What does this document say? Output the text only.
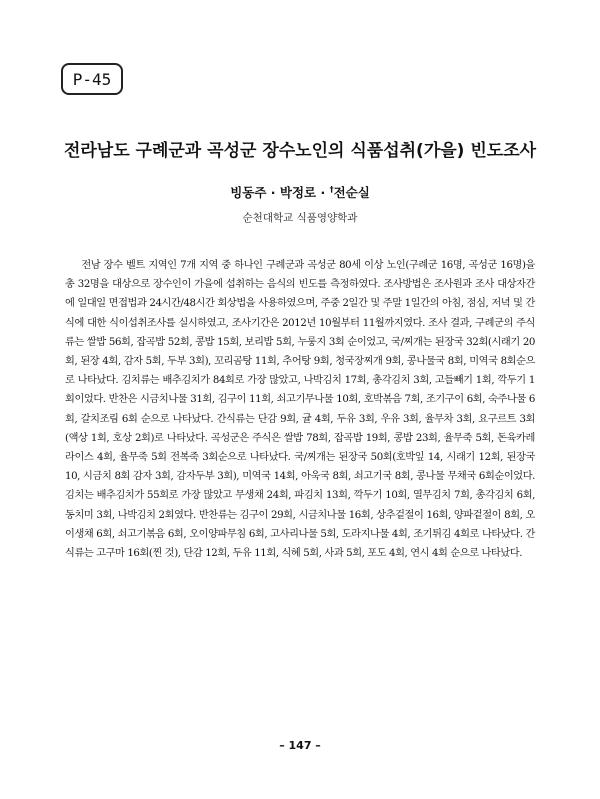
P-45
전라남도 구례군과 곡성군 장수노인의 식품섭취(가을) 빈도조사
빙동주 · 박정로 · †전순실
순천대학교 식품영양학과

전남 장수 벨트 지역인 7개 지역 중 하나인 구례군과 곡성군 80세 이상 노인(구례군 16명, 곡성군 16명)을 총 32명을 대상으로 장수인이 가을에 섭취하는 음식의 빈도를 측정하였다. 조사방법은 조사원과 조사 대상자간에 일대일 면접법과 24시간/48시간 회상법을 사용하였으며, 주중 2일간 및 주말 1일간의 아침, 점심, 저녁 및 간식에 대한 식이섭취조사를 실시하였고, 조사기간은 2012년 10월부터 11월까지였다. 조사 결과, 구례군의 주식류는 쌀밥 56회, 잡곡밥 52회, 콩밥 15회, 보리밥 5회, 누룽지 3회 순이었고, 국/찌개는 된장국 32회(시래기 20회, 된장 4회, 감자 5회, 두부 3회), 꼬리곰탕 11회, 추어탕 9회, 청국장찌개 9회, 콩나물국 8회, 미역국 8회순으로 나타났다. 김치류는 배추김치가 84회로 가장 많았고, 나박김치 17회, 총각김치 3회, 고들빼기 1회, 깍두기 1회이었다. 반찬은 시금치나물 31회, 김구이 11회, 쇠고기무나물 10회, 호박볶음 7회, 조기구이 6회, 숙주나물 6회, 갈치조림 6회 순으로 나타났다. 간식류는 단감 9회, 귤 4회, 두유 3회, 우유 3회, 율무차 3회, 요구르트 3회(액상 1회, 호상 2회)로 나타났다. 곡성군은 주식은 쌀밥 78회, 잡곡밥 19회, 콩밥 23회, 율무죽 5회, 돈육카레라이스 4회, 율무죽 5회 전복죽 3회순으로 나타났다. 국/찌개는 된장국 50회(호박잎 14, 시래기 12회, 된장국 10, 시금치 8회 감자 3회, 감자두부 3회), 미역국 14회, 아욱국 8회, 쇠고기국 8회, 콩나물 무채국 6회순이었다. 김치는 배추김치가 55회로 가장 많았고 무생채 24회, 파김치 13회, 깍두기 10회, 열무김치 7회, 총각김치 6회, 동치미 3회, 나박김치 2회였다. 반찬류는 김구이 29회, 시금치나물 16회, 상추겉절이 16회, 양파겉절이 8회, 오이생채 6회, 쇠고기볶음 6회, 오이양파무침 6회, 고사리나물 5회, 도라지나물 4회, 조기튀김 4회로 나타났다. 간식류는 고구마 16회(찐 것), 단감 12회, 두유 11회, 식혜 5회, 사과 5회, 포도 4회, 연시 4회 순으로 나타났다.

– 147 –
